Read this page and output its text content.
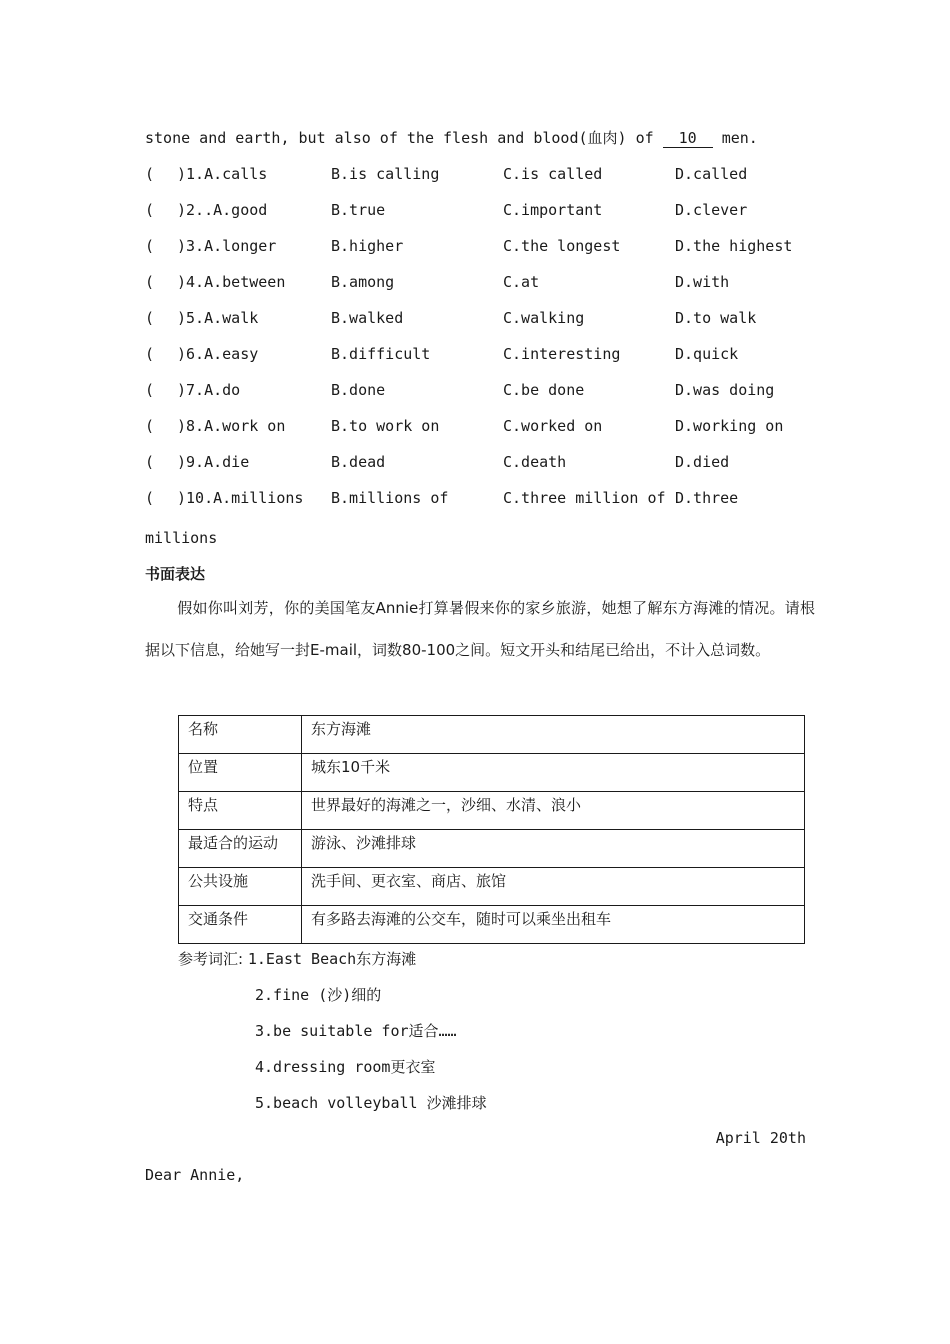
stone and earth, but also of the flesh and blood(血肉) of 10 men.
( )1.A.calls	B.is calling	C.is called	D.called
( )2..A.good	B.true	C.important	D.clever
( )3.A.longer	B.higher	C.the longest	D.the highest
( )4.A.between	B.among	C.at	D.with
( )5.A.walk	B.walked	C.walking	D.to walk
( )6.A.easy	B.difficult	C.interesting	D.quick
( )7.A.do	B.done	C.be done	D.was doing
( )8.A.work on	B.to work on	C.worked on	D.working on
( )9.A.die	B.dead	C.death	D.died
( )10.A.millions B.millions of	C.three million of D.three
millions
书面表达
假如你叫刘芳，你的美国笔友Annie打算暑假来你的家乡旅游，她想了解东方海滩的情况。请根据以下信息，给她写一封E-mail，词数80-100之间。短文开头和结尾已给出，不计入总词数。
名称	东方海滩
位置	城东10千米
特点	世界最好的海滩之一，沙细、水清、浪小
最适合的运动	游泳、沙滩排球
公共设施	洗手间、更衣室、商店、旅馆
交通条件	有多路去海滩的公交车，随时可以乘坐出租车
参考词汇: 1.East Beach东方海滩
2.fine (沙)细的
3.be suitable for适合……
4.dressing room更衣室
5.beach volleyball 沙滩排球
April 20th
Dear Annie,
